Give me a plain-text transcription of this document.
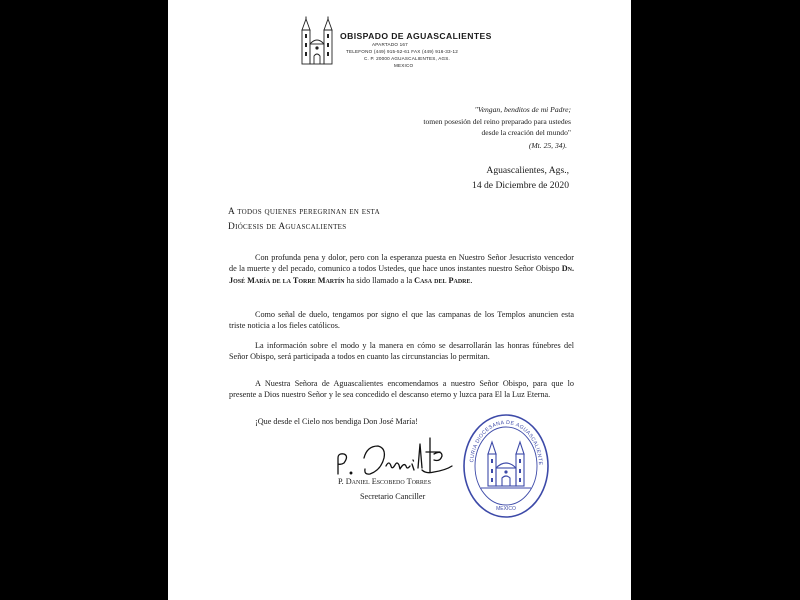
OBISPADO DE AGUASCALIENTES
APARTADO 167
TELEFONO (449) 915-52-61 FAX (449) 916-33-12
C. P. 20000 AGUASCALIENTES, AGS.
MEXICO
"Vengan, benditos de mi Padre;
tomen posesión del reino preparado para ustedes
desde la creación del mundo"
(Mt. 25, 34).
Aguascalientes, Ags.,
14 de Diciembre de 2020
A todos quienes peregrinan en esta
Diócesis de Aguascalientes
Con profunda pena y dolor, pero con la esperanza puesta en Nuestro Señor Jesucristo vencedor de la muerte y del pecado, comunico a todos Ustedes, que hace unos instantes nuestro Señor Obispo Dn. José María de la Torre Martín ha sido llamado a la Casa del Padre.
Como señal de duelo, tengamos por signo el que las campanas de los Templos anuncien esta triste noticia a los fieles católicos.
La información sobre el modo y la manera en cómo se desarrollarán las honras fúnebres del Señor Obispo, será participada a todos en cuanto las circunstancias lo permitan.
A Nuestra Señora de Aguascalientes encomendamos a nuestro Señor Obispo, para que lo presente a Dios nuestro Señor y le sea concedido el descanso eterno y luzca para El la Luz Eterna.
¡Que desde el Cielo nos bendiga Don José María!
P. Daniel Escobedo Torres
Secretario Canciller
CURIA DIOCESANA DE AGUASCALIENTE
MEXICO
